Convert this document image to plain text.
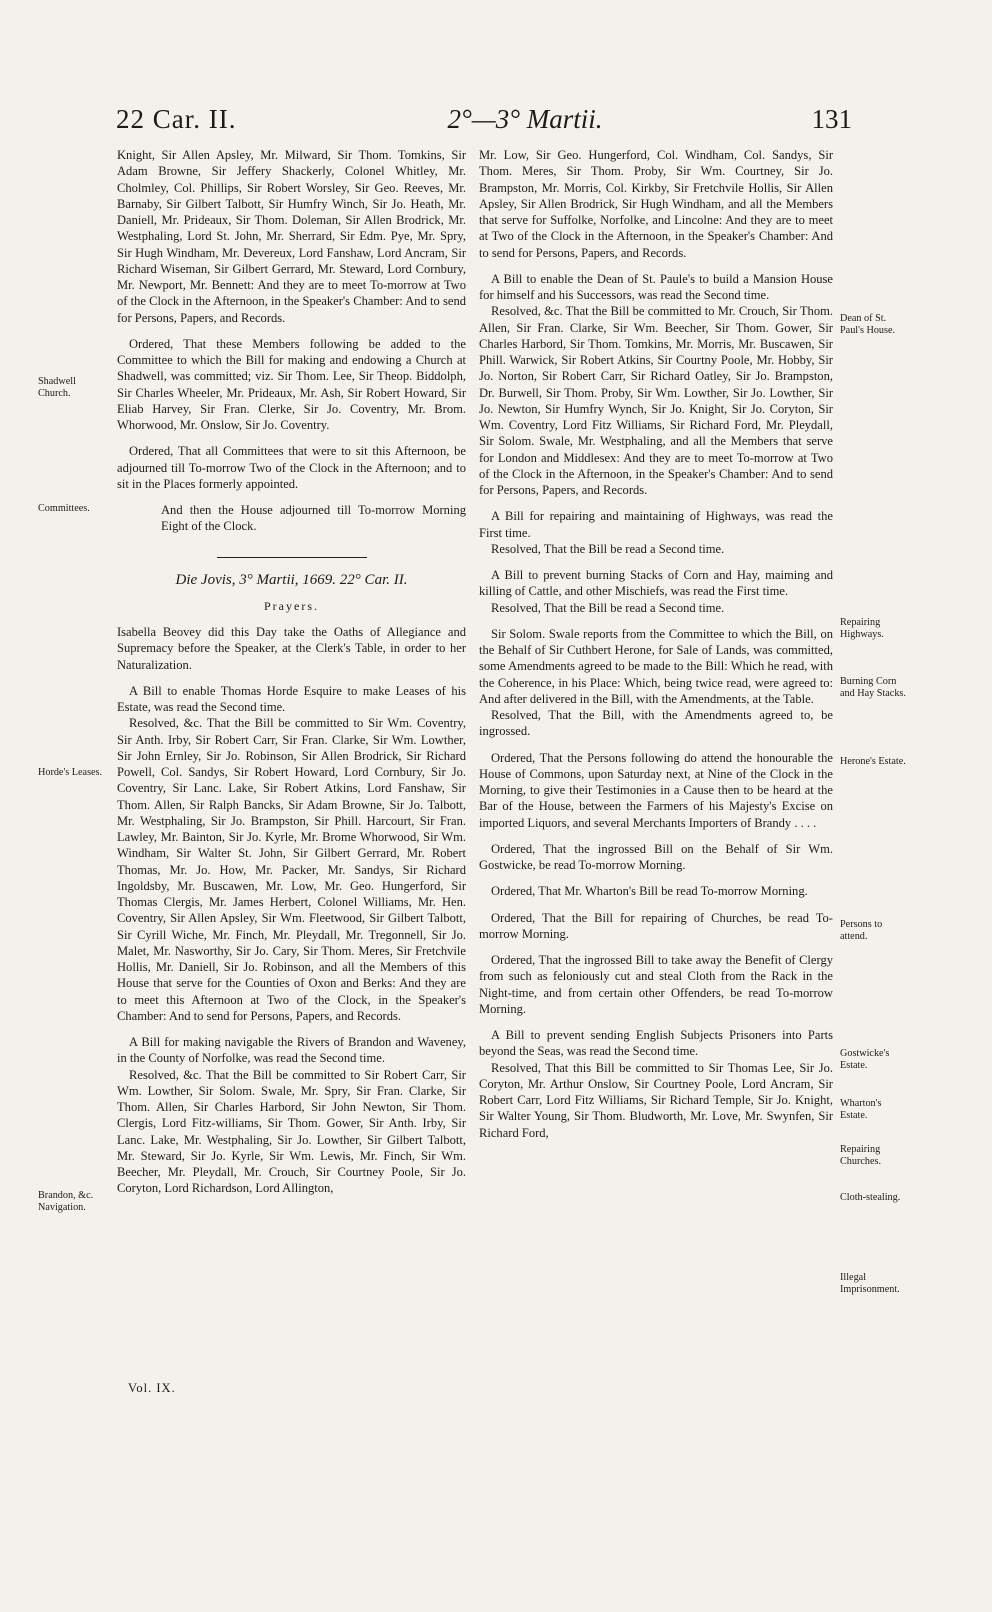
22 Car. II.	2°—3° Martii.	131
Shadwell Church.
Committees.
Horde's Leases.
Brandon, &c. Navigation.
Dean of St. Paul's House.
Repairing Highways.
Burning Corn and Hay Stacks.
Herone's Estate.
Persons to attend.
Gostwicke's Estate.
Wharton's Estate.
Repairing Churches.
Cloth-stealing.
Illegal Imprisonment.

Knight, Sir Allen Apsley, Mr. Milward, Sir Thom. Tomkins, Sir Adam Browne, Sir Jeffery Shackerly, Colonel Whitley, Mr. Cholmley, Col. Phillips, Sir Robert Worsley, Sir Geo. Reeves, Mr. Barnaby, Sir Gilbert Talbott, Sir Humfry Winch, Sir Jo. Heath, Mr. Daniell, Mr. Prideaux, Sir Thom. Doleman, Sir Allen Brodrick, Mr. Westphaling, Lord St. John, Mr. Sherrard, Sir Edm. Pye, Mr. Spry, Sir Hugh Windham, Mr. Devereux, Lord Fanshaw, Lord Ancram, Sir Richard Wiseman, Sir Gilbert Gerrard, Mr. Steward, Lord Cornbury, Mr. Newport, Mr. Bennett: And they are to meet To-morrow at Two of the Clock in the Afternoon, in the Speaker's Chamber: And to send for Persons, Papers, and Records.

Ordered, That these Members following be added to the Committee to which the Bill for making and endowing a Church at Shadwell, was committed; viz. Sir Thom. Lee, Sir Theop. Biddolph, Sir Charles Wheeler, Mr. Prideaux, Mr. Ash, Sir Robert Howard, Sir Eliab Harvey, Sir Fran. Clerke, Sir Jo. Coventry, Mr. Brom. Whorwood, Mr. Onslow, Sir Jo. Coventry.

Ordered, That all Committees that were to sit this Afternoon, be adjourned till To-morrow Two of the Clock in the Afternoon; and to sit in the Places formerly appointed.

And then the House adjourned till To-morrow Morning Eight of the Clock.

Die Jovis, 3° Martii, 1669. 22° Car. II.

Prayers.

Isabella Beovey did this Day take the Oaths of Allegiance and Supremacy before the Speaker, at the Clerk's Table, in order to her Naturalization.

A Bill to enable Thomas Horde Esquire to make Leases of his Estate, was read the Second time.

Resolved, &c. That the Bill be committed to Sir Wm. Coventry, Sir Anth. Irby, Sir Robert Carr, Sir Fran. Clarke, Sir Wm. Lowther, Sir John Ernley, Sir Jo. Robinson, Sir Allen Brodrick, Sir Richard Powell, Col. Sandys, Sir Robert Howard, Lord Cornbury, Sir Jo. Coventry, Sir Lanc. Lake, Sir Robert Atkins, Lord Fanshaw, Sir Thom. Allen, Sir Ralph Bancks, Sir Adam Browne, Sir Jo. Talbott, Mr. Westphaling, Sir Jo. Brampston, Sir Phill. Harcourt, Sir Fran. Lawley, Mr. Bainton, Sir Jo. Kyrle, Mr. Brome Whorwood, Sir Wm. Windham, Sir Walter St. John, Sir Gilbert Gerrard, Mr. Robert Thomas, Mr. Jo. How, Mr. Packer, Mr. Sandys, Sir Richard Ingoldsby, Mr. Buscawen, Mr. Low, Mr. Geo. Hungerford, Sir Thomas Clergis, Mr. James Herbert, Colonel Williams, Mr. Hen. Coventry, Sir Allen Apsley, Sir Wm. Fleetwood, Sir Gilbert Talbott, Sir Cyrill Wiche, Mr. Finch, Mr. Pleydall, Mr. Tregonnell, Sir Jo. Malet, Mr. Nasworthy, Sir Jo. Cary, Sir Thom. Meres, Sir Fretchvile Hollis, Mr. Daniell, Sir Jo. Robinson, and all the Members of this House that serve for the Counties of Oxon and Berks: And they are to meet this Afternoon at Two of the Clock, in the Speaker's Chamber: And to send for Persons, Papers, and Records.

A Bill for making navigable the Rivers of Brandon and Waveney, in the County of Norfolke, was read the Second time.

Resolved, &c. That the Bill be committed to Sir Robert Carr, Sir Wm. Lowther, Sir Solom. Swale, Mr. Spry, Sir Fran. Clarke, Sir Thom. Allen, Sir Charles Harbord, Sir John Newton, Sir Thom. Clergis, Lord Fitz-williams, Sir Thom. Gower, Sir Anth. Irby, Sir Lanc. Lake, Mr. Westphaling, Sir Jo. Lowther, Sir Gilbert Talbott, Mr. Steward, Sir Jo. Kyrle, Sir Wm. Lewis, Mr. Finch, Sir Wm. Beecher, Mr. Pleydall, Mr. Crouch, Sir Courtney Poole, Sir Jo. Coryton, Lord Richardson, Lord Allington,

Vol. IX.

Mr. Low, Sir Geo. Hungerford, Col. Windham, Col. Sandys, Sir Thom. Meres, Sir Thom. Proby, Sir Wm. Courtney, Sir Jo. Brampston, Mr. Morris, Col. Kirkby, Sir Fretchvile Hollis, Sir Allen Apsley, Sir Allen Brodrick, Sir Hugh Windham, and all the Members that serve for Suffolke, Norfolke, and Lincolne: And they are to meet at Two of the Clock in the Afternoon, in the Speaker's Chamber: And to send for Persons, Papers, and Records.

A Bill to enable the Dean of St. Paule's to build a Mansion House for himself and his Successors, was read the Second time.

Resolved, &c. That the Bill be committed to Mr. Crouch, Sir Thom. Allen, Sir Fran. Clarke, Sir Wm. Beecher, Sir Thom. Gower, Sir Charles Harbord, Sir Thom. Tomkins, Mr. Morris, Mr. Buscawen, Sir Phill. Warwick, Sir Robert Atkins, Sir Courtny Poole, Mr. Hobby, Sir Jo. Norton, Sir Robert Carr, Sir Richard Oatley, Sir Jo. Brampston, Dr. Burwell, Sir Thom. Proby, Sir Wm. Lowther, Sir Jo. Lowther, Sir Jo. Newton, Sir Humfry Wynch, Sir Jo. Knight, Sir Jo. Coryton, Sir Wm. Coventry, Lord Fitz Williams, Sir Richard Ford, Mr. Pleydall, Sir Solom. Swale, Mr. Westphaling, and all the Members that serve for London and Middlesex: And they are to meet To-morrow at Two of the Clock in the Afternoon, in the Speaker's Chamber: And to send for Persons, Papers, and Records.

A Bill for repairing and maintaining of Highways, was read the First time.

Resolved, That the Bill be read a Second time.

A Bill to prevent burning Stacks of Corn and Hay, maiming and killing of Cattle, and other Mischiefs, was read the First time.

Resolved, That the Bill be read a Second time.

Sir Solom. Swale reports from the Committee to which the Bill, on the Behalf of Sir Cuthbert Herone, for Sale of Lands, was committed, some Amendments agreed to be made to the Bill: Which he read, with the Coherence, in his Place: Which, being twice read, were agreed to: And after delivered in the Bill, with the Amendments, at the Table.

Resolved, That the Bill, with the Amendments agreed to, be ingrossed.

Ordered, That the Persons following do attend the honourable the House of Commons, upon Saturday next, at Nine of the Clock in the Morning, to give their Testimonies in a Cause then to be heard at the Bar of the House, between the Farmers of his Majesty's Excise on imported Liquors, and several Merchants Importers of Brandy . . . .

Ordered, That the ingrossed Bill on the Behalf of Sir Wm. Gostwicke, be read To-morrow Morning.

Ordered, That Mr. Wharton's Bill be read To-morrow Morning.

Ordered, That the Bill for repairing of Churches, be read To-morrow Morning.

Ordered, That the ingrossed Bill to take away the Benefit of Clergy from such as feloniously cut and steal Cloth from the Rack in the Night-time, and from certain other Offenders, be read To-morrow Morning.

A Bill to prevent sending English Subjects Prisoners into Parts beyond the Seas, was read the Second time.

Resolved, That this Bill be committed to Sir Thomas Lee, Sir Jo. Coryton, Mr. Arthur Onslow, Sir Courtney Poole, Lord Ancram, Sir Robert Carr, Lord Fitz Williams, Sir Richard Temple, Sir Jo. Knight, Sir Walter Young, Sir Thom. Bludworth, Mr. Love, Mr. Swynfen, Sir Richard Ford,
